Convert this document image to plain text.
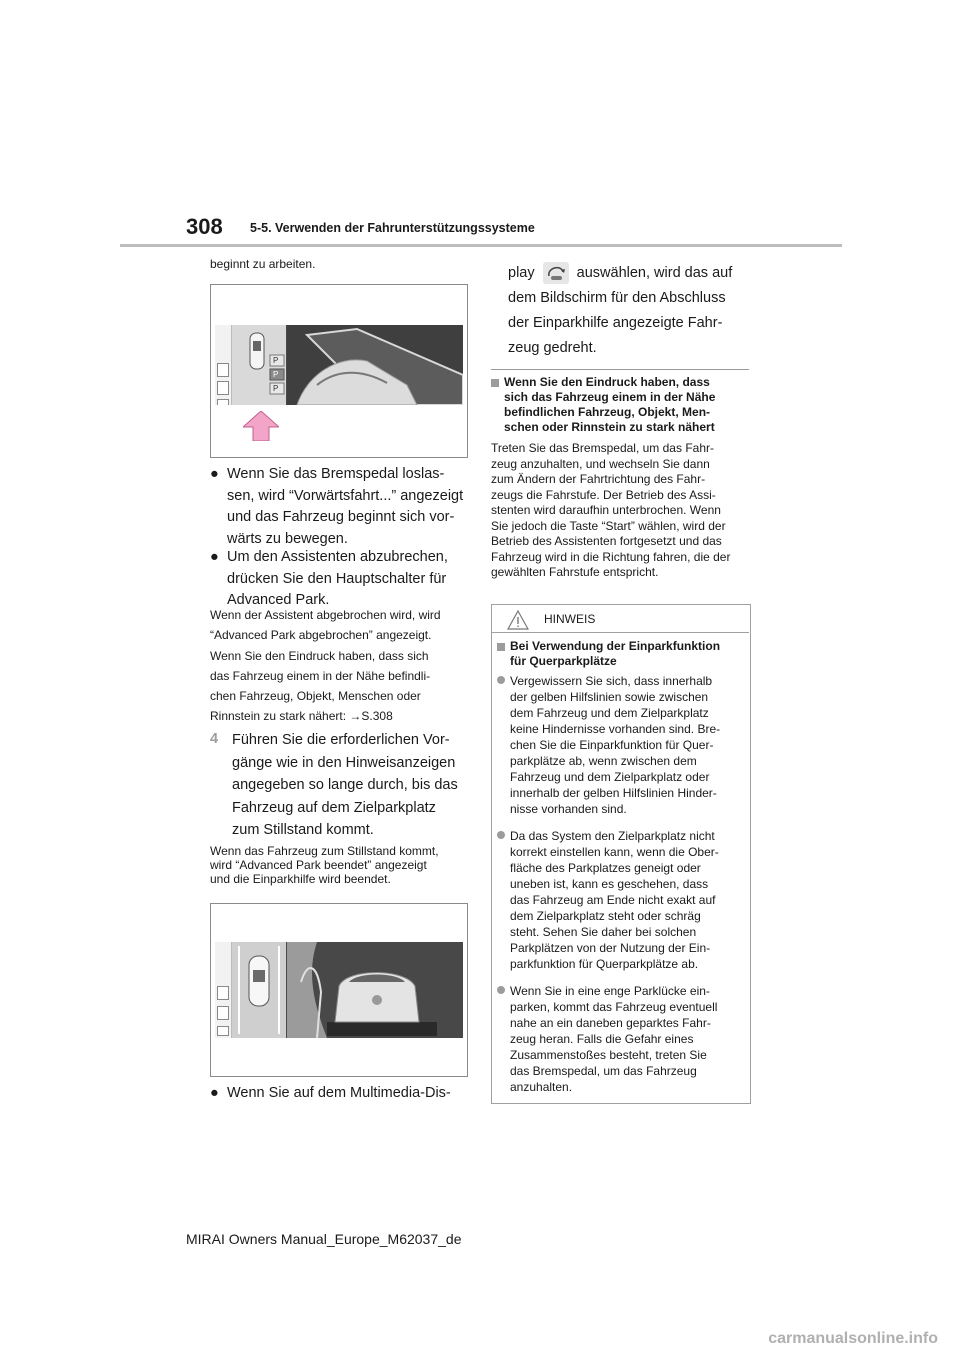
308 5-5. Verwenden der Fahrunterstützungssysteme
beginnt zu arbeiten.
P
P
P
● Wenn Sie das Bremspedal loslas-
sen, wird “Vorwärtsfahrt...” angezeigt
und das Fahrzeug beginnt sich vor-
wärts zu bewegen.
● Um den Assistenten abzubrechen,
drücken Sie den Hauptschalter für
Advanced Park.
Wenn der Assistent abgebrochen wird, wird
“Advanced Park abgebrochen” angezeigt.
Wenn Sie den Eindruck haben, dass sich
das Fahrzeug einem in der Nähe befindli-
chen Fahrzeug, Objekt, Menschen oder
Rinnstein zu stark nähert: →S.308
4 Führen Sie die erforderlichen Vor-
gänge wie in den Hinweisanzeigen
angegeben so lange durch, bis das
Fahrzeug auf dem Zielparkplatz
zum Stillstand kommt.
Wenn das Fahrzeug zum Stillstand kommt,
wird “Advanced Park beendet” angezeigt
und die Einparkhilfe wird beendet.
● Wenn Sie auf dem Multimedia-Dis-
play	auswählen, wird das auf
dem Bildschirm für den Abschluss
der Einparkhilfe angezeigte Fahr-
zeug gedreht.
Wenn Sie den Eindruck haben, dass
sich das Fahrzeug einem in der Nähe
befindlichen Fahrzeug, Objekt, Men-
schen oder Rinnstein zu stark nähert
Treten Sie das Bremspedal, um das Fahr-
zeug anzuhalten, und wechseln Sie dann
zum Ändern der Fahrtrichtung des Fahr-
zeugs die Fahrstufe. Der Betrieb des Assi-
stenten wird daraufhin unterbrochen. Wenn
Sie jedoch die Taste “Start” wählen, wird der
Betrieb des Assistenten fortgesetzt und das
Fahrzeug wird in die Richtung fahren, die der
gewählten Fahrstufe entspricht.
HINWEIS
Bei Verwendung der Einparkfunktion
für Querparkplätze
Vergewissern Sie sich, dass innerhalb
der gelben Hilfslinien sowie zwischen
dem Fahrzeug und dem Zielparkplatz
keine Hindernisse vorhanden sind. Bre-
chen Sie die Einparkfunktion für Quer-
parkplätze ab, wenn zwischen dem
Fahrzeug und dem Zielparkplatz oder
innerhalb der gelben Hilfslinien Hinder-
nisse vorhanden sind.
Da das System den Zielparkplatz nicht
korrekt einstellen kann, wenn die Ober-
fläche des Parkplatzes geneigt oder
uneben ist, kann es geschehen, dass
das Fahrzeug am Ende nicht exakt auf
dem Zielparkplatz steht oder schräg
steht. Sehen Sie daher bei solchen
Parkplätzen von der Nutzung der Ein-
parkfunktion für Querparkplätze ab.
Wenn Sie in eine enge Parklücke ein-
parken, kommt das Fahrzeug eventuell
nahe an ein daneben geparktes Fahr-
zeug heran. Falls die Gefahr eines
Zusammenstoßes besteht, treten Sie
das Bremspedal, um das Fahrzeug
anzuhalten.
MIRAI Owners Manual_Europe_M62037_de
carmanualsonline.info
